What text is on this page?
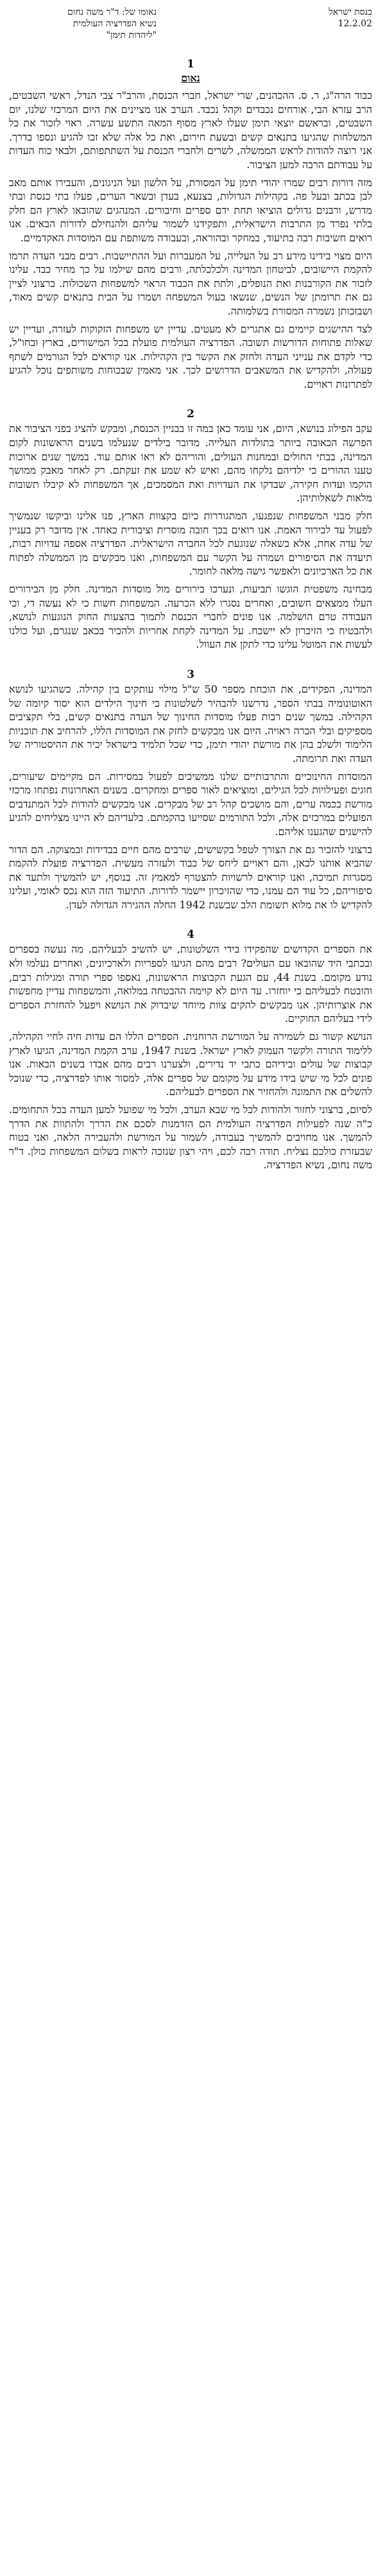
כנסת ישראל
12.2.02
נאומו של: ד"ר משה נחום
נשיא הפדרציה העולמית
"ליהדות תימן"
1
נאום

כבוד הרה"ג, ר. ס. ההכהנים, שרי ישראל, חברי הכנסת, והרב"ר צבי הנדל, ראשי השבטים, הרב עזרא הבי, אורחים נכבדים וקהל נכבד. הערב אנו מציינים את היום המרכזי שלנו, יום השבטים, ובראשם יוצאי תימן שעלו לארץ מסוף המאה התשע עשרה. ראוי לזכור את כל המשלחות שהגיעו בתנאים קשים ובשעת חירום, ואת כל אלה שלא זכו להגיע ונספו בדרך. אני רוצה להודות לראש הממשלה, לשרים ולחברי הכנסת על השתתפותם, ולבאי כוח העדות על עבודתם הרבה למען הציבור.

מזה דורות רבים שמרו יהודי תימן על המסורת, על הלשון ועל הניגונים, והעבירו אותם מאב לבן בכתב ובעל פה. בקהילות הגדולות, בצנעא, בעדן ובשאר הערים, פעלו בתי כנסת ובתי מדרש, ורבנים גדולים הוציאו תחת ידם ספרים וחיבורים. המנהגים שהובאו לארץ הם חלק בלתי נפרד מן התרבות הישראלית, ותפקידנו לשמור עליהם ולהנחילם לדורות הבאים. אנו רואים חשיבות רבה בתיעוד, במחקר ובהוראה, ובעבודה משותפת עם המוסדות האקדמיים.

היום מצוי בידינו מידע רב על העלייה, על המעברות ועל ההתיישבות. רבים מבני העדה תרמו להקמת היישובים, לביטחון המדינה ולכלכלתה, ורבים מהם שילמו על כך מחיר כבד. עלינו לזכור את הקורבנות ואת הנופלים, ולתת את הכבוד הראוי למשפחות השכולות. ברצוני לציין גם את תרומתן של הנשים, שנשאו בעול המשפחה ושמרו על הבית בתנאים קשים מאוד, ושבזכותן נשמרה המסורת בשלמותה.

לצד ההישגים קיימים גם אתגרים לא מעטים. עדיין יש משפחות הזקוקות לעזרה, ועדיין יש שאלות פתוחות הדורשות תשובה. הפדרציה העולמית פועלת בכל המישורים, בארץ ובחו"ל, כדי לקדם את ענייני העדה ולחזק את הקשר בין הקהילות. אנו קוראים לכל הגורמים לשתף פעולה, ולהקדיש את המשאבים הדרושים לכך. אני מאמין שבכוחות משותפים נוכל להגיע לפתרונות ראויים.

2

עקב הפילוג בנושא, היום, אני עומד כאן במה זו בבניין הכנסת, ומבקש להציג בפני הציבור את הפרשה הכאובה ביותר בתולדות העלייה. מדובר בילדים שנעלמו בשנים הראשונות לקום המדינה, בבתי החולים ובמחנות העולים, והוריהם לא ראו אותם עוד. במשך שנים ארוכות טענו ההורים כי ילדיהם נלקחו מהם, ואיש לא שמע את זעקתם. רק לאחר מאבק ממושך הוקמו ועדות חקירה, שבדקו את העדויות ואת המסמכים, אך המשפחות לא קיבלו תשובות מלאות לשאלותיהן.

חלק מבני המשפחות שנפגעו, המתגוררות כיום בקצוות הארץ, פנו אלינו וביקשו שנמשיך לפעול עד לבירור האמת. אנו רואים בכך חובה מוסרית וציבורית כאחד. אין מדובר רק בעניין של עדה אחת, אלא בשאלה שנוגעת לכל החברה הישראלית. הפדרציה אספה עדויות רבות, תיעדה את הסיפורים ושמרה על הקשר עם המשפחות, ואנו מבקשים מן הממשלה לפתוח את כל הארכיונים ולאפשר גישה מלאה לחומר.

מבחינה משפטית הוגשו תביעות, ונערכו בירורים מול מוסדות המדינה. חלק מן הבירורים העלו ממצאים חשובים, ואחרים נסגרו ללא הכרעה. המשפחות חשות כי לא נעשה די, וכי העבודה טרם הושלמה. אנו פונים לחברי הכנסת לתמוך בהצעות החוק הנוגעות לנושא, ולהבטיח כי הזיכרון לא יישכח. על המדינה לקחת אחריות ולהכיר בכאב שנגרם, ועל כולנו לעשות את המוטל עלינו כדי לתקן את העוול.

3

המדינה, הפקידים, את הוכחת מספר 50 ש"ל מילוי עותקים בין קהילה. כשהגיעו לנושא האוטונומיה בבתי הספר, נדרשנו להבהיר לשלטונות כי חינוך הילדים הוא יסוד קיומה של הקהילה. במשך שנים רבות פעלו מוסדות החינוך של העדה בתנאים קשים, בלי תקציבים מספיקים ובלי הכרה ראויה. היום אנו מבקשים לחזק את המוסדות הללו, להרחיב את תוכניות הלימוד ולשלב בהן את מורשת יהודי תימן, כדי שכל תלמיד בישראל יכיר את ההיסטוריה של העדה ואת תרומתה.

המוסדות החינוכיים והתרבותיים שלנו ממשיכים לפעול במסירות. הם מקיימים שיעורים, חוגים ופעילויות לכל הגילים, ומוציאים לאור ספרים ומחקרים. בשנים האחרונות נפתחו מרכזי מורשת בכמה ערים, והם מושכים קהל רב של מבקרים. אנו מבקשים להודות לכל המתנדבים הפועלים במרכזים אלה, ולכל התורמים שסייעו בהקמתם. בלעדיהם לא היינו מצליחים להגיע להישגים שהגענו אליהם.

ברצוני להזכיר גם את הצורך לטפל בקשישים, שרבים מהם חיים בבדידות ובמצוקה. הם הדור שהביא אותנו לכאן, והם ראויים ליחס של כבוד ולעזרה מעשית. הפדרציה פועלת להקמת מסגרות תמיכה, ואנו קוראים לרשויות להצטרף למאמץ זה. בנוסף, יש להמשיך ולתעד את סיפוריהם, כל עוד הם עמנו, כדי שהזיכרון יישמר לדורות. התיעוד הזה הוא נכס לאומי, ועלינו להקדיש לו את מלוא תשומת הלב שבשנת 1942 החלה ההגירה הגדולה לעדן.

4

את הספרים הקדושים שהפקידו בידי השלטונות, יש להשיב לבעליהם. מה נעשה בספרים ובכתבי היד שהובאו עם העולים? רבים מהם הגיעו לספריות ולארכיונים, ואחרים נעלמו ולא נודע מקומם. בשנת 44, עם הגעת הקבוצות הראשונות, נאספו ספרי תורה ומגילות רבים, והובטח לבעליהם כי יוחזרו. עד היום לא קוימה ההבטחה במלואה, והמשפחות עדיין מחפשות את אוצרותיהן. אנו מבקשים להקים צוות מיוחד שיבדוק את הנושא ויפעל להחזרת הספרים לידי בעליהם החוקיים.

הנושא קשור גם לשמירה על המורשת הרוחנית. הספרים הללו הם עדות חיה לחיי הקהילה, ללימוד התורה ולקשר העמוק לארץ ישראל. בשנת 1947, ערב הקמת המדינה, הגיעו לארץ קבוצות של עולים ובידיהם כתבי יד נדירים, ולצערנו רבים מהם אבדו בשנים הבאות. אנו פונים לכל מי שיש בידו מידע על מקומם של ספרים אלה, למסור אותו לפדרציה, כדי שנוכל להשלים את התמונה ולהחזיר את הספרים לבעליהם.

לסיום, ברצוני לחזור ולהודות לכל מי שבא הערב, ולכל מי שפועל למען העדה בכל התחומים. כ"ה שנה לפעילות הפדרציה העולמית הם הזדמנות לסכם את הדרך ולהתוות את הדרך להמשך. אנו מחויבים להמשיך בעבודה, לשמור על המורשת ולהעבירה הלאה, ואני בטוח שבעזרת כולכם נצליח. תודה רבה לכם, ויהי רצון שנזכה לראות בשלום המשפחות כולן. ד"ר משה נחום, נשיא הפדרציה.
